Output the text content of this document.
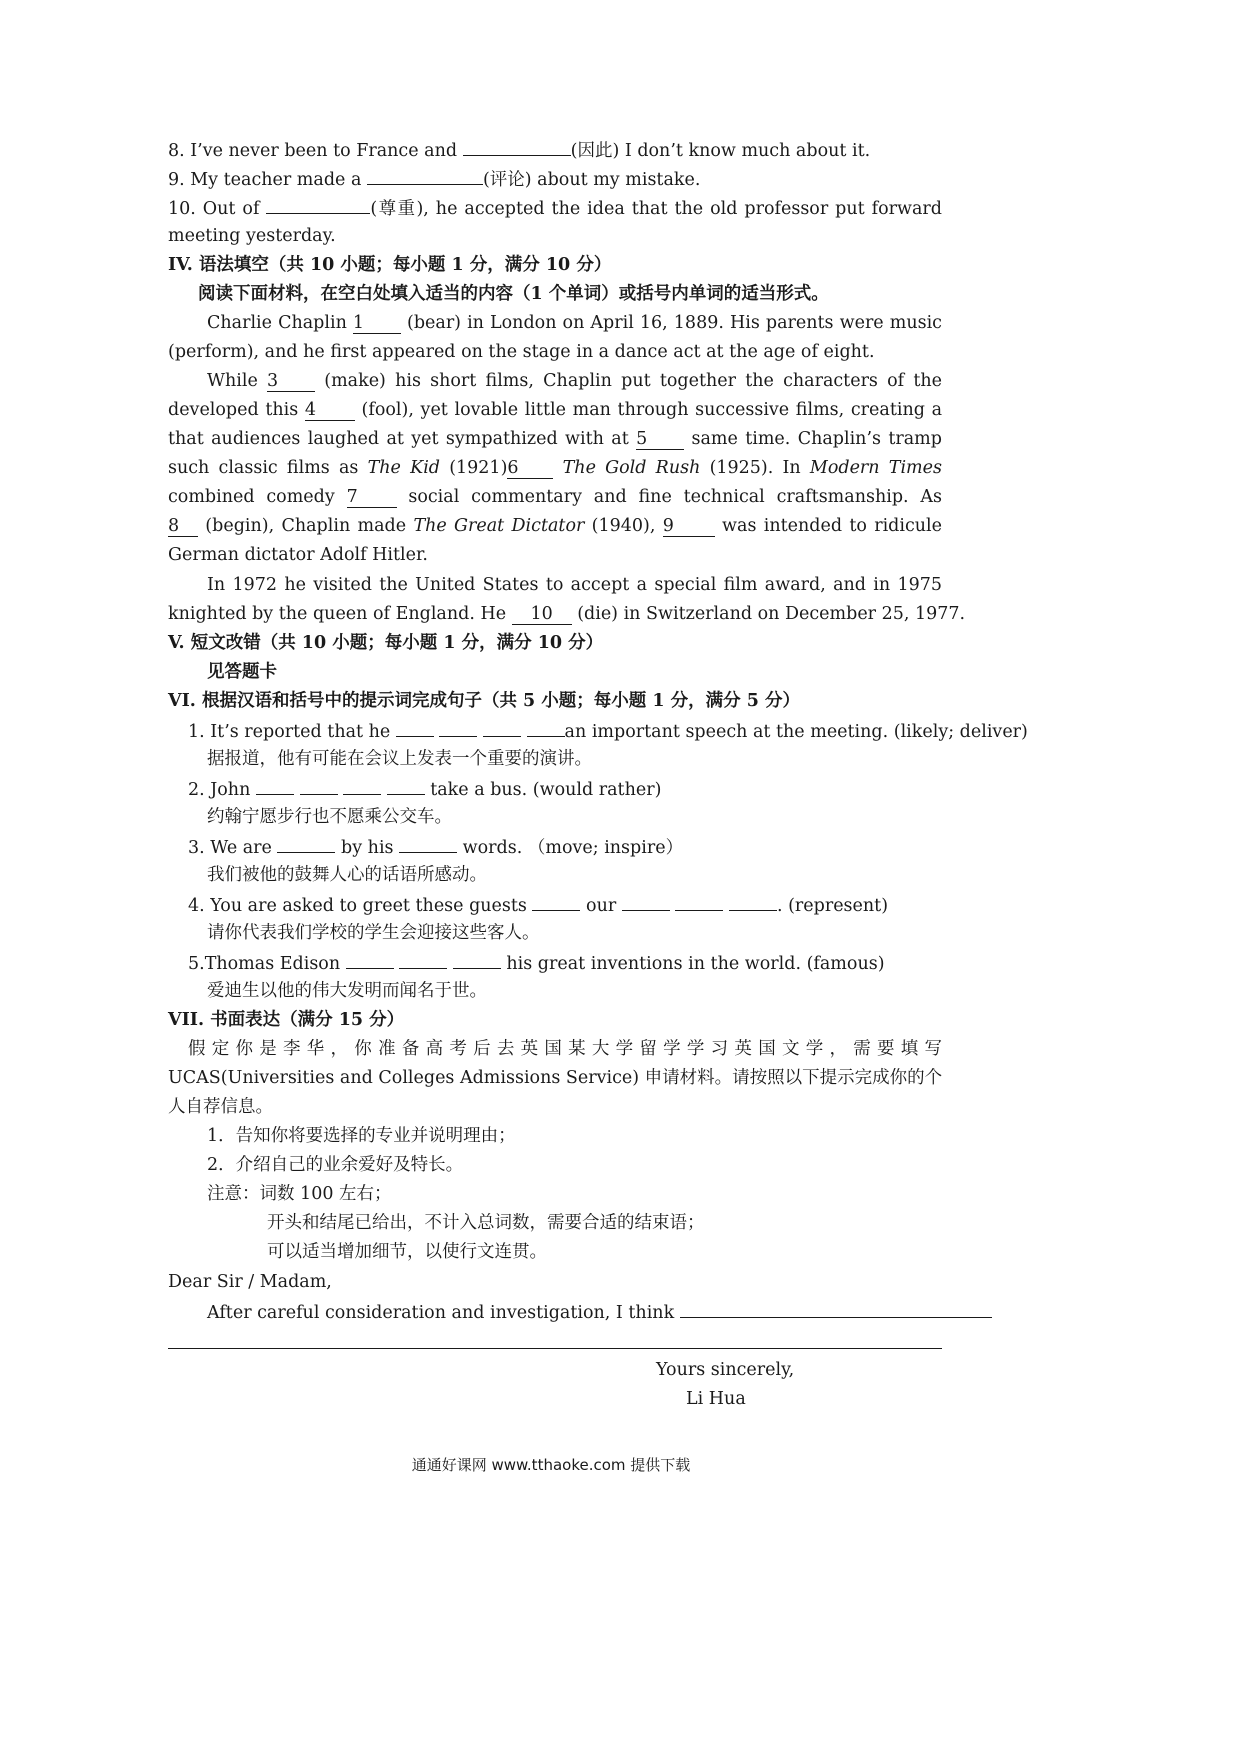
8. I’ve never been to France and	(因此) I don’t know much about it.
9. My teacher made a	(评论) about my mistake.
10. Out of	(尊重), he accepted the idea that the old professor put forward
meeting yesterday.
IV. 语法填空（共 10 小题；每小题 1 分，满分 10 分）
阅读下面材料，在空白处填入适当的内容（1 个单词）或括号内单词的适当形式。
Charlie Chaplin 1 (bear) in London on April 16, 1889. His parents were music
(perform), and he first appeared on the stage in a dance act at the age of eight.
While 3	(make) his short films, Chaplin put together the characters of the
developed this 4	(fool), yet lovable little man through successive films, creating a
that audiences laughed at yet sympathized with at 5	same time. Chaplin’s tramp
such classic films as The Kid (1921)6	The Gold Rush (1925). In Modern Times
combined comedy 7	social commentary and fine technical craftsmanship. As
8 (begin), Chaplin made The Great Dictator (1940), 9	was intended to ridicule
German dictator Adolf Hitler.
In 1972 he visited the United States to accept a special film award, and in 1975
knighted by the queen of England. He 10 (die) in Switzerland on December 25, 1977.
V. 短文改错（共 10 小题；每小题 1 分，满分 10 分）
见答题卡
VI. 根据汉语和括号中的提示词完成句子（共 5 小题；每小题 1 分，满分 5 分）
1. It’s reported that he	an important speech at the meeting. (likely; deliver)
据报道，他有可能在会议上发表一个重要的演讲。
2. John	take a bus. (would rather)
约翰宁愿步行也不愿乘公交车。
3. We are	by his	words. （move; inspire）
我们被他的鼓舞人心的话语所感动。
4. You are asked to greet these guests	our	. (represent)
请你代表我们学校的学生会迎接这些客人。
5.Thomas Edison	his great inventions in the world. (famous)
爱迪生以他的伟大发明而闻名于世。
VII. 书面表达（满分 15 分）
假定你是李华，你准备高考后去英国某大学留学学习英国文学，需要填写
UCAS(Universities and Colleges Admissions Service) 申请材料。请按照以下提示完成你的个
人自荐信息。
1．告知你将要选择的专业并说明理由；
2．介绍自己的业余爱好及特长。
注意：词数 100 左右；
开头和结尾已给出，不计入总词数，需要合适的结束语；
可以适当增加细节，以使行文连贯。
Dear Sir / Madam,
After careful consideration and investigation, I think
Yours sincerely,
Li Hua
通通好课网 www.tthaoke.com 提供下载
